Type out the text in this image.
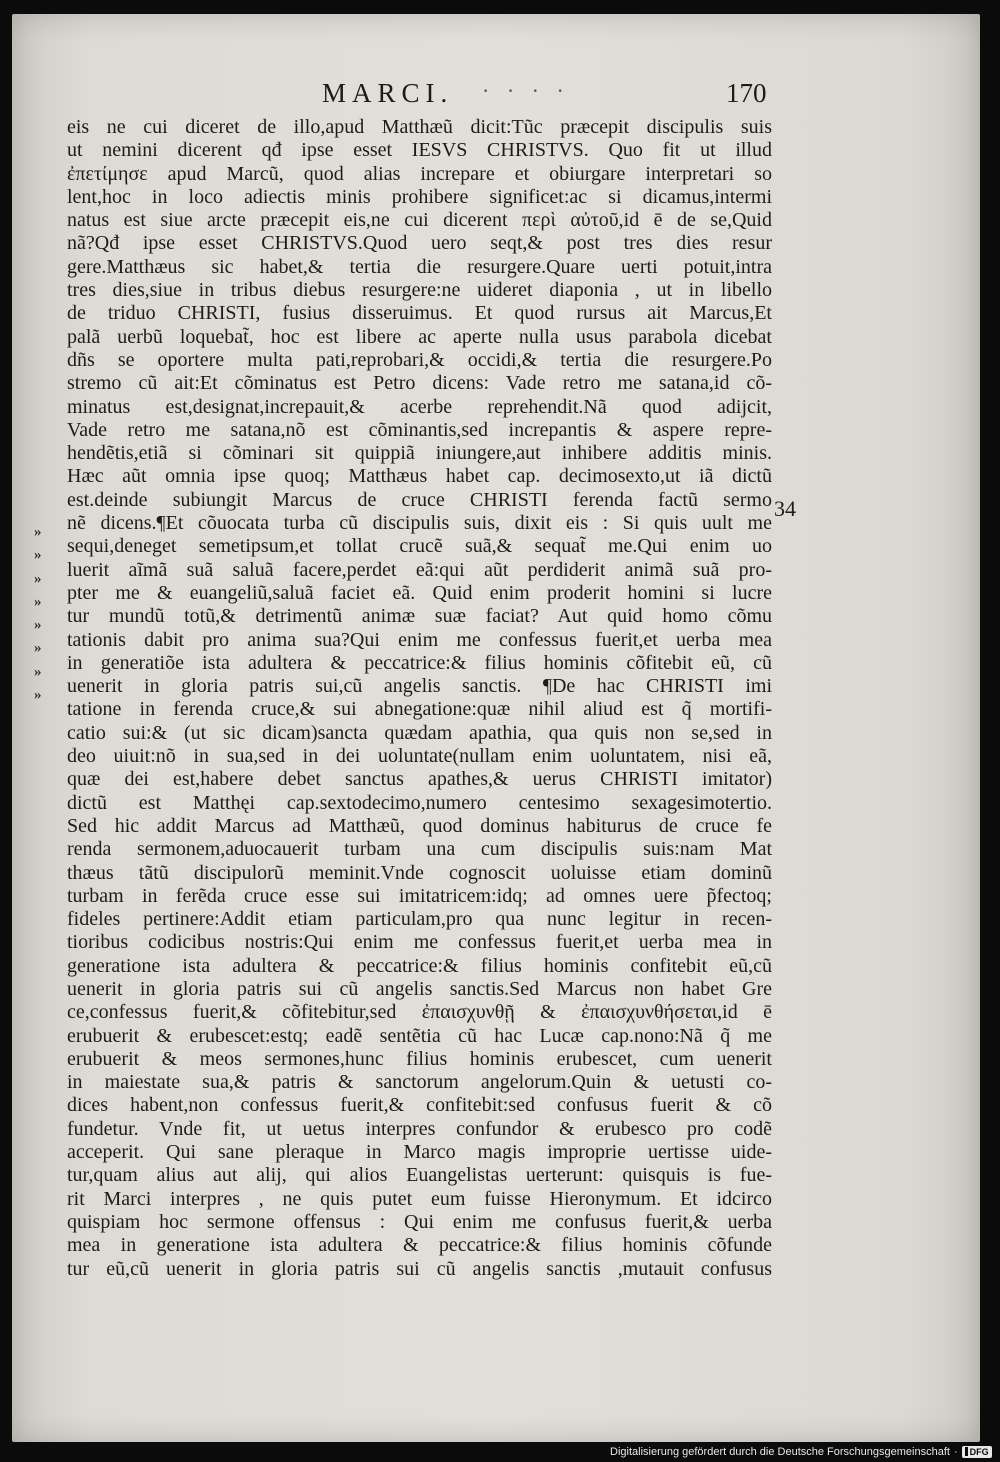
MARCI. · · · ·	170
»
»
»
»
»
»
»
»
34
eis ne cui diceret de illo,apud Matthæũ dicit:Tũc præcepit discipulis suis
ut nemini dicerent qđ ipse esset IESVS CHRISTVS. Quo fit ut illud
ἐπετίμησε apud Marcũ, quod alias increpare et obiurgare interpretari so
lent,hoc in loco adiectis minis prohibere significet:ac si dicamus,intermi
natus est siue arcte præcepit eis,ne cui dicerent περὶ αὐτοῦ,id ē de se,Quid
nã?Qđ ipse esset CHRISTVS.Quod uero seqt,& post tres dies resur
gere.Matthæus sic habet,& tertia die resurgere.Quare uerti potuit,intra
tres dies,siue in tribus diebus resurgere:ne uideret diaponia , ut in libello
de triduo CHRISTI, fusius disseruimus. Et quod rursus ait Marcus,Et
palã uerbũ loquebat̃, hoc est libere ac aperte nulla usus parabola dicebat
dñs se oportere multa pati,reprobari,& occidi,& tertia die resurgere.Po
stremo cũ ait:Et cõminatus est Petro dicens: Vade retro me satana,id cõ-
minatus est,designat,increpauit,& acerbe reprehendit.Nã quod adijcit,
Vade retro me satana,nõ est cõminantis,sed increpantis & aspere repre-
hendẽtis,etiã si cõminari sit quippiã iniungere,aut inhibere additis minis.
Hæc aũt omnia ipse quoq; Matthæus habet cap. decimosexto,ut iã dictũ
est.deinde subiungit Marcus de cruce CHRISTI ferenda factũ sermo
nẽ dicens.¶Et cõuocata turba cũ discipulis suis, dixit eis : Si quis uult me
sequi,deneget semetipsum,et tollat crucẽ suã,& sequat̃ me.Qui enim uo
luerit aĩmã suã saluã facere,perdet eã:qui aũt perdiderit animã suã pro-
pter me & euangeliũ,saluã faciet eã. Quid enim proderit homini si lucre
tur mundũ totũ,& detrimentũ animæ suæ faciat? Aut quid homo cõmu
tationis dabit pro anima sua?Qui enim me confessus fuerit,et uerba mea
in generatiõe ista adultera & peccatrice:& filius hominis cõfitebit eũ, cũ
uenerit in gloria patris sui,cũ angelis sanctis. ¶De hac CHRISTI imi
tatione in ferenda cruce,& sui abnegatione:quæ nihil aliud est q̃ mortifi-
catio sui:& (ut sic dicam)sancta quædam apathia, qua quis non se,sed in
deo uiuit:nõ in sua,sed in dei uoluntate(nullam enim uoluntatem, nisi eã,
quæ dei est,habere debet sanctus apathes,& uerus CHRISTI imitator)
dictũ est Matthęi cap.sextodecimo,numero centesimo sexagesimotertio.
Sed hic addit Marcus ad Matthæũ, quod dominus habiturus de cruce fe
renda sermonem,aduocauerit turbam una cum discipulis suis:nam Mat
thæus tãtũ discipulorũ meminit.Vnde cognoscit uoluisse etiam dominũ
turbam in ferẽda cruce esse sui imitatricem:idq; ad omnes uere p̃fectoq;
fideles pertinere:Addit etiam particulam,pro qua nunc legitur in recen-
tioribus codicibus nostris:Qui enim me confessus fuerit,et uerba mea in
generatione ista adultera & peccatrice:& filius hominis confitebit eũ,cũ
uenerit in gloria patris sui cũ angelis sanctis.Sed Marcus non habet Gre
ce,confessus fuerit,& cõfitebitur,sed ἐπαισχυνθῇ & ἐπαισχυνθήσεται,id ē
erubuerit & erubescet:estq; eadẽ sentẽtia cũ hac Lucæ cap.nono:Nã q̃ me
erubuerit & meos sermones,hunc filius hominis erubescet, cum uenerit
in maiestate sua,& patris & sanctorum angelorum.Quin & uetusti co-
dices habent,non confessus fuerit,& confitebit:sed confusus fuerit & cõ
fundetur. Vnde fit, ut uetus interpres confundor & erubesco pro codẽ
acceperit. Qui sane pleraque in Marco magis improprie uertisse uide-
tur,quam alius aut alij, qui alios Euangelistas uerterunt: quisquis is fue-
rit Marci interpres , ne quis putet eum fuisse Hieronymum. Et idcirco
quispiam hoc sermone offensus : Qui enim me confusus fuerit,& uerba
mea in generatione ista adultera & peccatrice:& filius hominis cõfunde
tur eũ,cũ uenerit in gloria patris sui cũ angelis sanctis ,mutauit confusus
Digitalisierung gefördert durch die Deutsche Forschungsgemeinschaft ·	DFG
